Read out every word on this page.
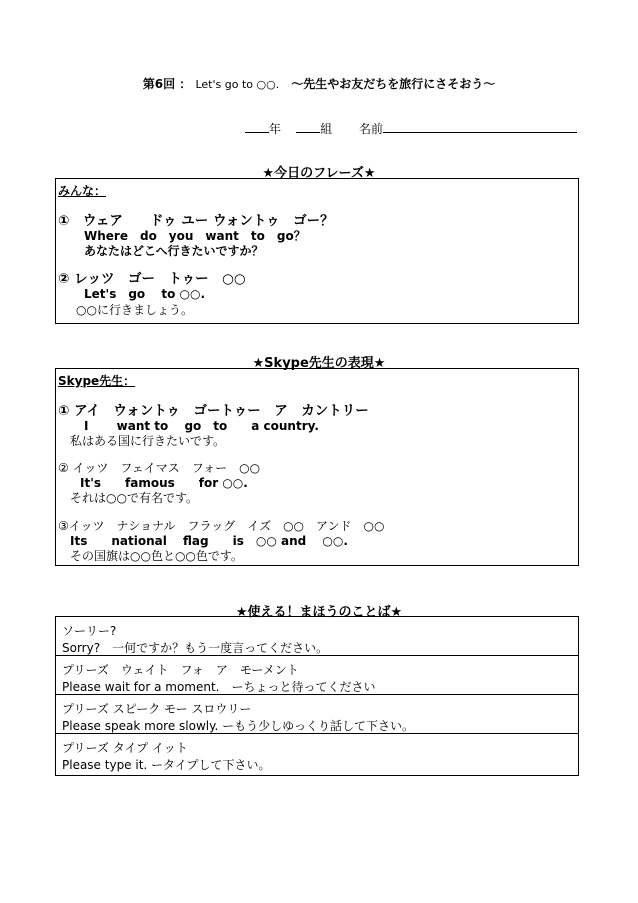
第6回 ： Let's go to ○○.　～先生やお友だちを旅行にさそおう～
年	組 名前
★今日のフレーズ★
みんな：
①　ウェア　　ドゥ ユー ウォントゥ　ゴー？
Where　do　you　want　to　go？
あなたはどこへ行きたいですか？
② レッツ　ゴー　トゥー　○○
Let's　go　 to ○○.
○○に行きましょう。
★Skype先生の表現★
Skype先生：
① アイ　ウォントゥ　ゴートゥー　ア　カントリー
I　　 want to　 go　to　　a country.
私はある国に行きたいです。
② イッツ　フェイマス　フォー　○○
It's　　famous　　for ○○.
それは○○で有名です。
③イッツ　ナショナル　フラッグ　イズ　○○　アンド　○○
Its　　national　 flag　　is　○○ and　 ○○.
その国旗は○○色と○○色です。
★使える！まほうのことば★
ソーリー?
Sorry?　一何ですか？もう一度言ってください。
プリーズ　ウェイト　フォ　ア　モーメント
Please wait for a moment.　ーちょっと待ってください
プリーズ スピーク モー スロウリー
Please speak more slowly. ーもう少しゆっくり話して下さい。
プリーズ タイプ イット
Please type it. ータイプして下さい。
